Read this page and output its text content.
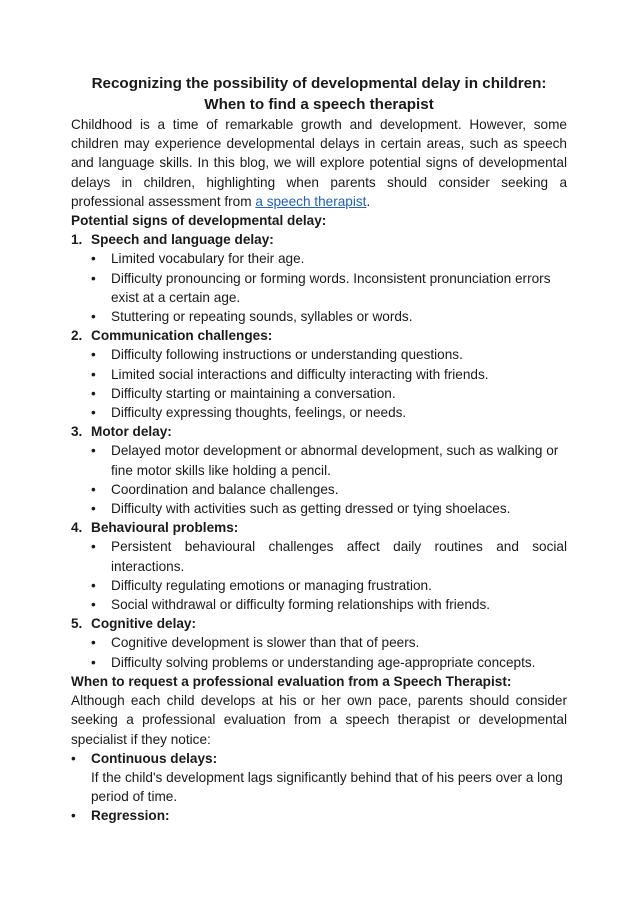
Recognizing the possibility of developmental delay in children:
When to find a speech therapist

Childhood is a time of remarkable growth and development. However, some children may experience developmental delays in certain areas, such as speech and language skills. In this blog, we will explore potential signs of developmental delays in children, highlighting when parents should consider seeking a professional assessment from a speech therapist.

Potential signs of developmental delay:

1. Speech and language delay:
•	Limited vocabulary for their age.
•	Difficulty pronouncing or forming words. Inconsistent pronunciation errors exist at a certain age.
•	Stuttering or repeating sounds, syllables or words.
2. Communication challenges:
•	Difficulty following instructions or understanding questions.
•	Limited social interactions and difficulty interacting with friends.
•	Difficulty starting or maintaining a conversation.
•	Difficulty expressing thoughts, feelings, or needs.
3. Motor delay:
•	Delayed motor development or abnormal development, such as walking or fine motor skills like holding a pencil.
•	Coordination and balance challenges.
•	Difficulty with activities such as getting dressed or tying shoelaces.
4. Behavioural problems:
•	Persistent behavioural challenges affect daily routines and social interactions.
•	Difficulty regulating emotions or managing frustration.
•	Social withdrawal or difficulty forming relationships with friends.
5. Cognitive delay:
•	Cognitive development is slower than that of peers.
•	Difficulty solving problems or understanding age-appropriate concepts.

When to request a professional evaluation from a Speech Therapist:

Although each child develops at his or her own pace, parents should consider seeking a professional evaluation from a speech therapist or developmental specialist if they notice:

•	Continuous delays:
If the child's development lags significantly behind that of his peers over a long period of time.
•	Regression:
